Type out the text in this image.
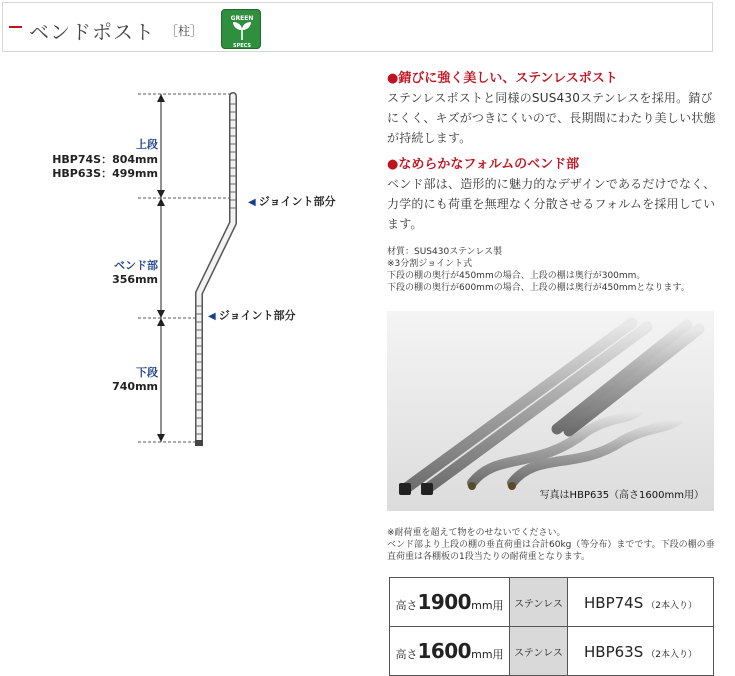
ベンドポスト ［柱］
GREEN
SPECS
上段
HBP74S：804mm
HBP63S：499mm
ベンド部
356mm
下段
740mm
◀ ジョイント部分
◀ ジョイント部分
●錆びに強く美しい、ステンレスポスト
ステンレスポストと同様のSUS430ステンレスを採用。錆びにくく、キズがつきにくいので、長期間にわたり美しい状態が持続します。
●なめらかなフォルムのベンド部
ベンド部は、造形的に魅力的なデザインであるだけでなく、力学的にも荷重を無理なく分散させるフォルムを採用しています。
材質：SUS430ステンレス製
※3分割ジョイント式
下段の棚の奥行が450mmの場合、上段の棚は奥行が300mm。
下段の棚の奥行が600mmの場合、上段の棚は奥行が450mmとなります。
写真はHBP635（高さ1600mm用）
※耐荷重を超えて物をのせないでください。
ベンド部より上段の棚の垂直荷重は合計60kg（等分布）までです。下段の棚の垂直荷重は各棚板の1段当たりの耐荷重となります。
高さ1900mm用	ステンレス	HBP74S （2本入り）
高さ1600mm用	ステンレス	HBP63S （2本入り）
